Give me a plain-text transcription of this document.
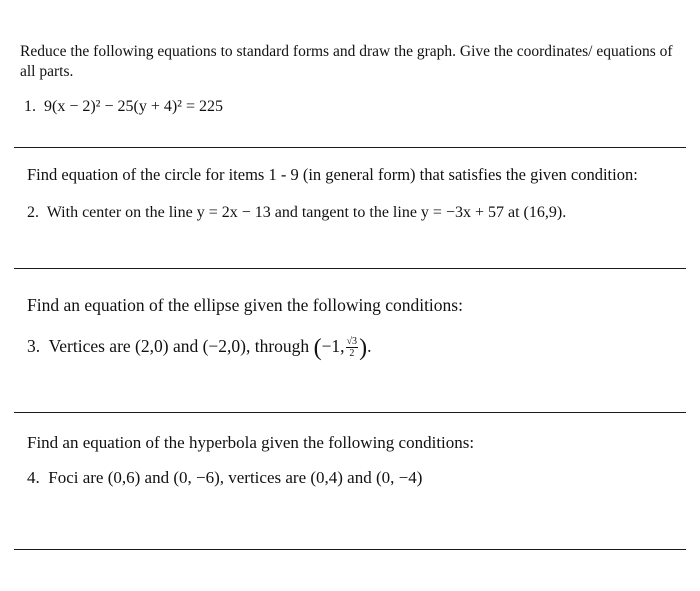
Reduce the following equations to standard forms and draw the graph. Give the coordinates/ equations of all parts.
1. 9(x − 2)² − 25(y + 4)² = 225
Find equation of the circle for items 1 - 9 (in general form) that satisfies the given condition:
2. With center on the line y = 2x − 13 and tangent to the line y = −3x + 57 at (16,9).
Find an equation of the ellipse given the following conditions:
3. Vertices are (2,0) and (−2,0), through (−1, $\frac{√3}{2}$ ).
Find an equation of the hyperbola given the following conditions:
4. Foci are (0,6) and (0, −6), vertices are (0,4) and (0, −4)
